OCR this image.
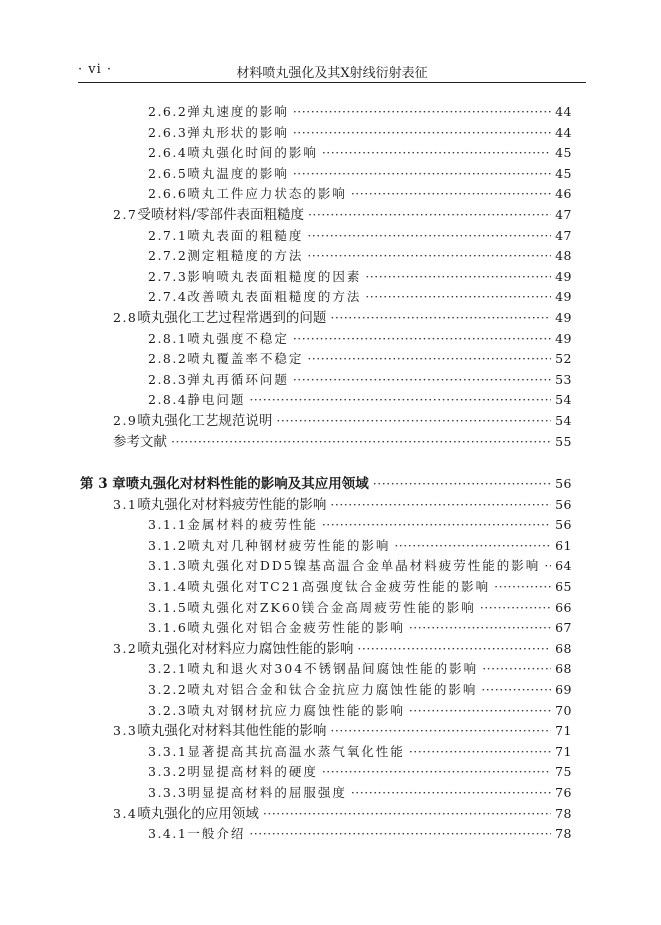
· vi ·	材料喷丸强化及其X射线衍射表征
2.6.2 弹丸速度的影响 ·····	44
2.6.3 弹丸形状的影响 ·····	44
2.6.4 喷丸强化时间的影响 ·····	45
2.6.5 喷丸温度的影响 ·····	45
2.6.6 喷丸工件应力状态的影响 ·····	46
2.7 受喷材料/零部件表面粗糙度 ·····	47
2.7.1 喷丸表面的粗糙度 ·····	47
2.7.2 测定粗糙度的方法 ·····	48
2.7.3 影响喷丸表面粗糙度的因素 ·····	49
2.7.4 改善喷丸表面粗糙度的方法 ·····	49
2.8 喷丸强化工艺过程常遇到的问题 ·····	49
2.8.1 喷丸强度不稳定 ·····	49
2.8.2 喷丸覆盖率不稳定 ·····	52
2.8.3 弹丸再循环问题 ·····	53
2.8.4 静电问题 ·····	54
2.9 喷丸强化工艺规范说明 ·····	54
参考文献 ·····	55
第 3 章 喷丸强化对材料性能的影响及其应用领域 ·····	56
3.1 喷丸强化对材料疲劳性能的影响 ·····	56
3.1.1 金属材料的疲劳性能 ·····	56
3.1.2 喷丸对几种钢材疲劳性能的影响 ·····	61
3.1.3 喷丸强化对DD5镍基高温合金单晶材料疲劳性能的影响 ····· 64
3.1.4 喷丸强化对TC21高强度钛合金疲劳性能的影响 ·····	65
3.1.5 喷丸强化对ZK60镁合金高周疲劳性能的影响 ·····	66
3.1.6 喷丸强化对铝合金疲劳性能的影响 ·····	67
3.2 喷丸强化对材料应力腐蚀性能的影响 ·····	68
3.2.1 喷丸和退火对304不锈钢晶间腐蚀性能的影响 ·····	68
3.2.2 喷丸对铝合金和钛合金抗应力腐蚀性能的影响 ·····	69
3.2.3 喷丸对钢材抗应力腐蚀性能的影响 ·····	70
3.3 喷丸强化对材料其他性能的影响 ·····	71
3.3.1 显著提高其抗高温水蒸气氧化性能 ·····	71
3.3.2 明显提高材料的硬度 ·····	75
3.3.3 明显提高材料的屈服强度 ·····	76
3.4 喷丸强化的应用领域 ·····	78
3.4.1 一般介绍 ·····	78
